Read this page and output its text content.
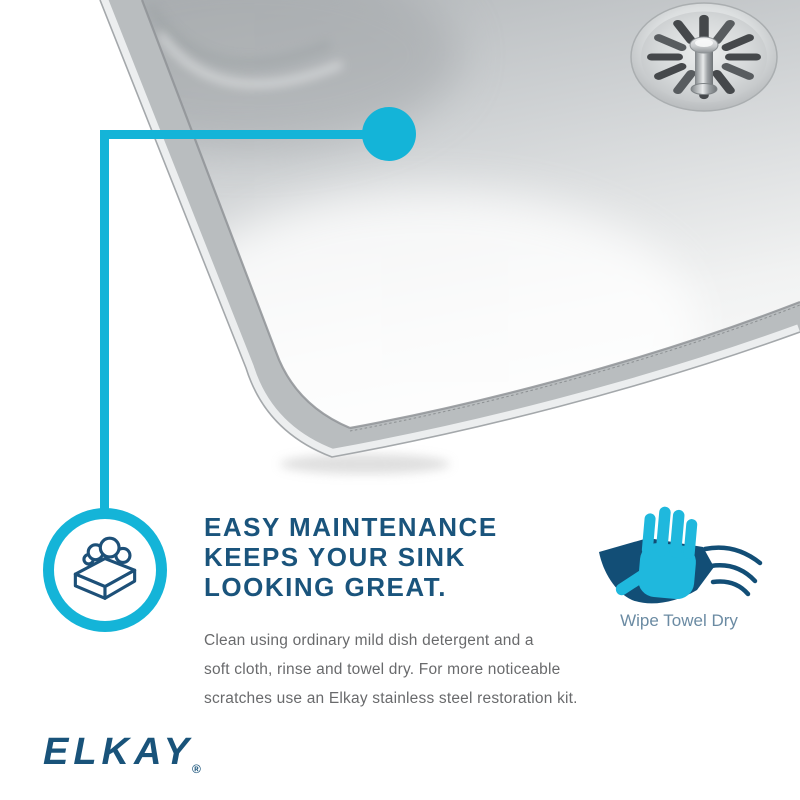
EASY MAINTENANCE
KEEPS YOUR SINK
LOOKING GREAT.
Clean using ordinary mild dish detergent and a
soft cloth, rinse and towel dry. For more noticeable
scratches use an Elkay stainless steel restoration kit.
Wipe Towel Dry
$ELKAY_®$
